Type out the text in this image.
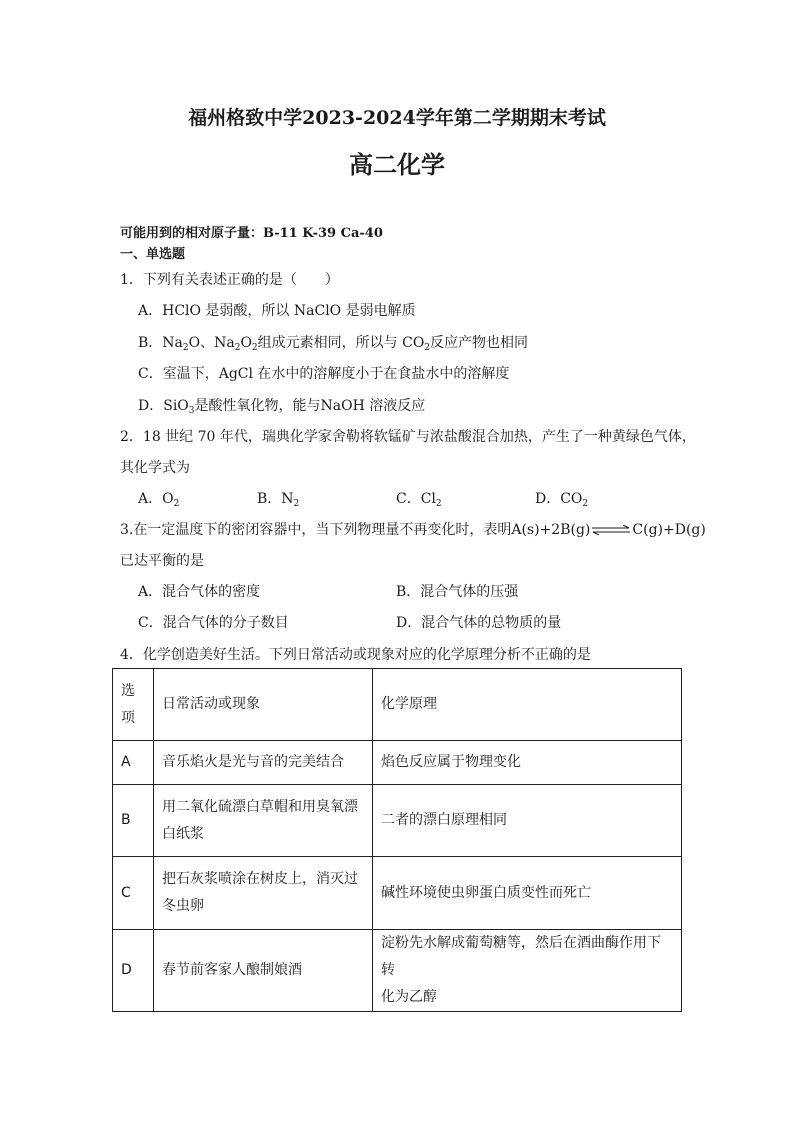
福州格致中学2023-2024学年第二学期期末考试
高二化学
可能用到的相对原子量：B-11 K-39 Ca-40
一、单选题
1．下列有关表述正确的是（　　）
A．HClO 是弱酸，所以 NaClO 是弱电解质
B．$Na_2O$、$Na_2O_2$组成元素相同，所以与 $CO_2$反应产物也相同
C．室温下，AgCl 在水中的溶解度小于在食盐水中的溶解度
D．SiO$_3$是酸性氧化物，能与NaOH 溶液反应
2．18 世纪 70 年代，瑞典化学家舍勒将软锰矿与浓盐酸混合加热，产生了一种黄绿色气体，
其化学式为
A．$O_2$	B．$N_2$	C．$Cl_2$	D．$CO_2$
3.在一定温度下的密闭容器中，当下列物理量不再变化时，表明A(s)+2B(g) ⇌ C(g)+D(g)
已达平衡的是
A．混合气体的密度	B．混合气体的压强
C．混合气体的分子数目	D．混合气体的总物质的量
4．化学创造美好生活。下列日常活动或现象对应的化学原理分析不正确的是
选
项	日常活动或现象	化学原理
A	音乐焰火是光与音的完美结合	焰色反应属于物理变化
B	用二氧化硫漂白草帽和用臭氧漂
白纸浆	二者的漂白原理相同
C	把石灰浆喷涂在树皮上，消灭过
冬虫卵	碱性环境使虫卵蛋白质变性而死亡
D	春节前客家人酿制娘酒	淀粉先水解成葡萄糖等，然后在酒曲酶作用下转
化为乙醇
